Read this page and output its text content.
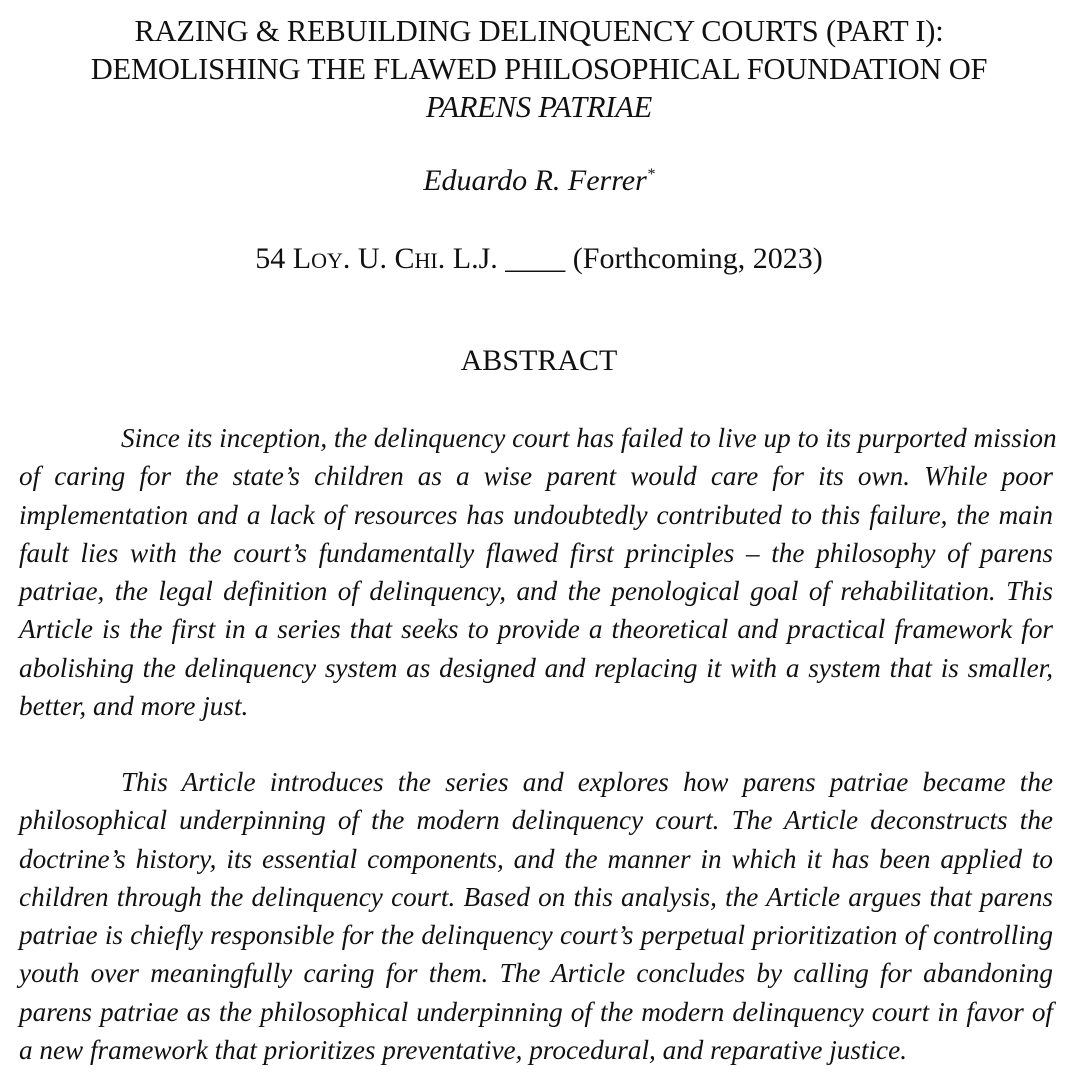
RAZING & REBUILDING DELINQUENCY COURTS (PART I):
DEMOLISHING THE FLAWED PHILOSOPHICAL FOUNDATION OF
PARENS PATRIAE
Eduardo R. Ferrer*
54 LOY. U. CHI. L.J. ____ (Forthcoming, 2023)
ABSTRACT
Since its inception, the delinquency court has failed to live up to its purported mission
of caring for the state’s children as a wise parent would care for its own. While poor
implementation and a lack of resources has undoubtedly contributed to this failure, the main
fault lies with the court’s fundamentally flawed first principles – the philosophy of parens
patriae, the legal definition of delinquency, and the penological goal of rehabilitation. This
Article is the first in a series that seeks to provide a theoretical and practical framework for
abolishing the delinquency system as designed and replacing it with a system that is smaller,
better, and more just.
This Article introduces the series and explores how parens patriae became the
philosophical underpinning of the modern delinquency court. The Article deconstructs the
doctrine’s history, its essential components, and the manner in which it has been applied to
children through the delinquency court. Based on this analysis, the Article argues that parens
patriae is chiefly responsible for the delinquency court’s perpetual prioritization of controlling
youth over meaningfully caring for them. The Article concludes by calling for abandoning
parens patriae as the philosophical underpinning of the modern delinquency court in favor of
a new framework that prioritizes preventative, procedural, and reparative justice.
